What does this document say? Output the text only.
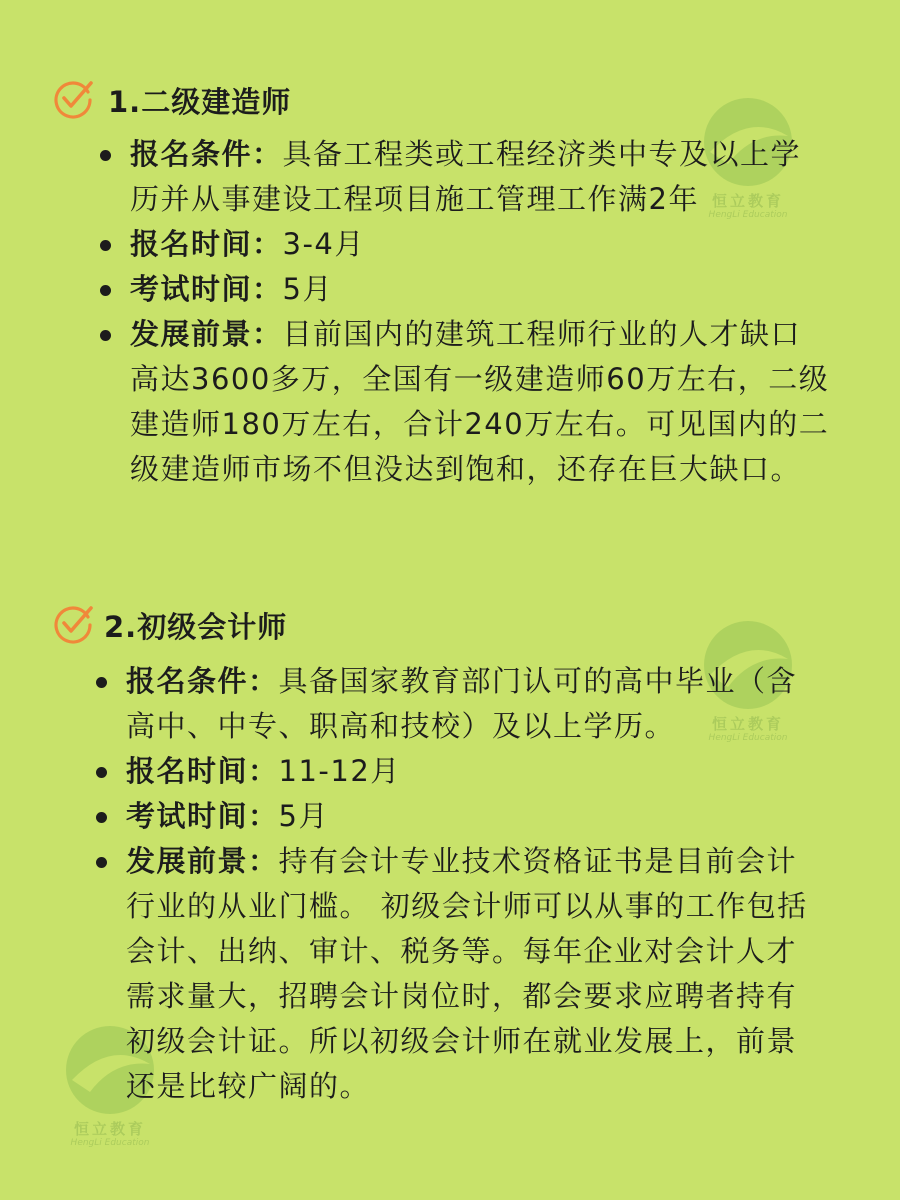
恒立教育
HengLi Education
恒立教育
HengLi Education
恒立教育
HengLi Education
1.二级建造师
报名条件：具备工程类或工程经济类中专及以上学历并从事建设工程项目施工管理工作满2年
报名时间：3-4月
考试时间：5月
发展前景：目前国内的建筑工程师行业的人才缺口高达3600多万，全国有一级建造师60万左右，二级建造师180万左右，合计240万左右。可见国内的二级建造师市场不但没达到饱和，还存在巨大缺口。
2.初级会计师
报名条件：具备国家教育部门认可的高中毕业（含高中、中专、职高和技校）及以上学历。
报名时间：11-12月
考试时间：5月
发展前景：持有会计专业技术资格证书是目前会计行业的从业门槛。 初级会计师可以从事的工作包括会计、出纳、审计、税务等。每年企业对会计人才需求量大，招聘会计岗位时，都会要求应聘者持有初级会计证。所以初级会计师在就业发展上，前景还是比较广阔的。
